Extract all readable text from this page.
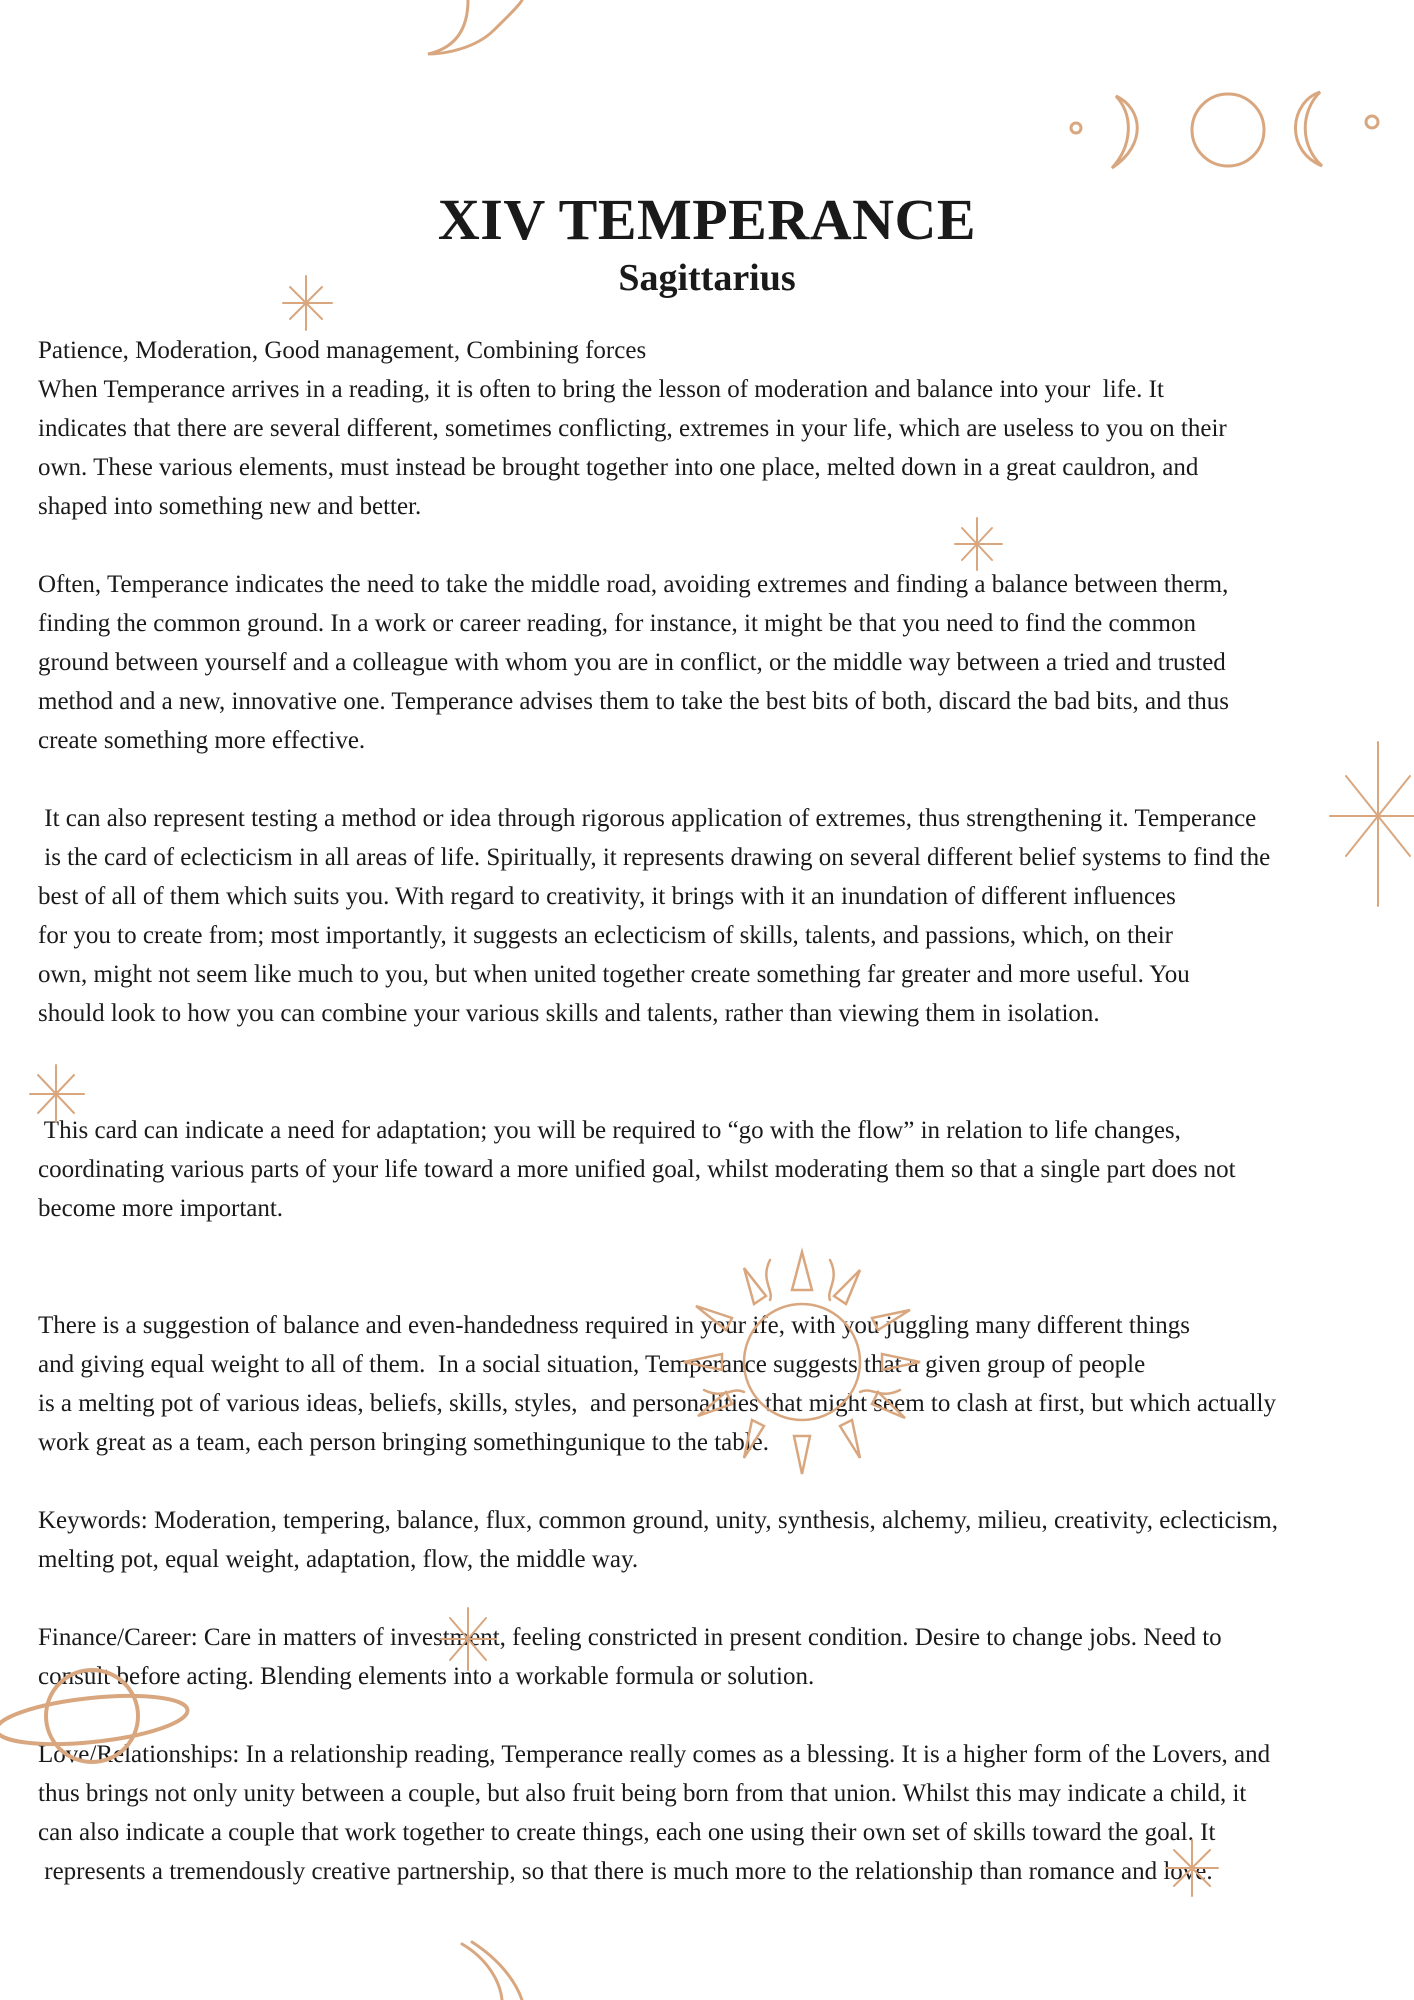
XIV TEMPERANCE
Sagittarius

Patience, Moderation, Good management, Combining forces

When Temperance arrives in a reading, it is often to bring the lesson of moderation and balance into your  life. It

indicates that there are several different, sometimes conflicting, extremes in your life, which are useless to you on their

own. These various elements, must instead be brought together into one place, melted down in a great cauldron, and

shaped into something new and better.

Often, Temperance indicates the need to take the middle road, avoiding extremes and finding a balance between therm,

finding the common ground. In a work or career reading, for instance, it might be that you need to find the common

ground between yourself and a colleague with whom you are in conflict, or the middle way between a tried and trusted

method and a new, innovative one. Temperance advises them to take the best bits of both, discard the bad bits, and thus

create something more effective.

It can also represent testing a method or idea through rigorous application of extremes, thus strengthening it. Temperance

is the card of eclecticism in all areas of life. Spiritually, it represents drawing on several different belief systems to find the

best of all of them which suits you. With regard to creativity, it brings with it an inundation of different influences

for you to create from; most importantly, it suggests an eclecticism of skills, talents, and passions, which, on their

own, might not seem like much to you, but when united together create something far greater and more useful. You

should look to how you can combine your various skills and talents, rather than viewing them in isolation.

This card can indicate a need for adaptation; you will be required to “go with the flow” in relation to life changes,

coordinating various parts of your life toward a more unified goal, whilst moderating them so that a single part does not

become more important.

There is a suggestion of balance and even-handedness required in your ife, with you juggling many different things

and giving equal weight to all of them.  In a social situation, Temperance suggests that a given group of people

is a melting pot of various ideas, beliefs, skills, styles,  and personalities that might seem to clash at first, but which actually

work great as a team, each person bringing somethingunique to the table.

Keywords: Moderation, tempering, balance, flux, common ground, unity, synthesis, alchemy, milieu, creativity, eclecticism,

melting pot, equal weight, adaptation, flow, the middle way.

Finance/Career: Care in matters of investment, feeling constricted in present condition. Desire to change jobs. Need to

consult before acting. Blending elements into a workable formula or solution.

Love/Relationships: In a relationship reading, Temperance really comes as a blessing. It is a higher form of the Lovers, and

thus brings not only unity between a couple, but also fruit being born from that union. Whilst this may indicate a child, it

can also indicate a couple that work together to create things, each one using their own set of skills toward the goal. It

represents a tremendously creative partnership, so that there is much more to the relationship than romance and love.
